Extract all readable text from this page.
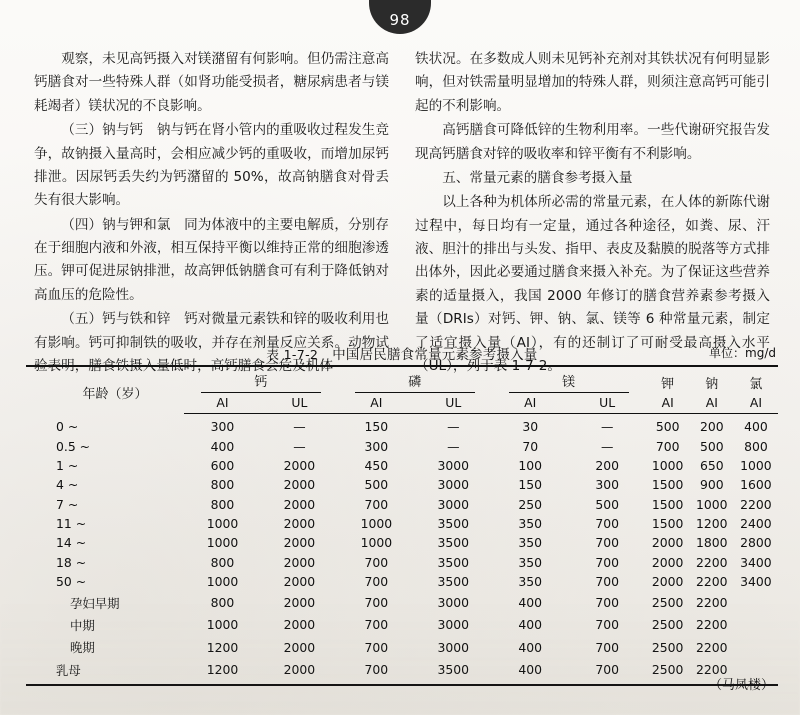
98

观察，未见高钙摄入对镁潴留有何影响。但仍需注意高钙膳食对一些特殊人群（如肾功能受损者，糖尿病患者与镁耗竭者）镁状况的不良影响。

（三）钠与钙　钠与钙在肾小管内的重吸收过程发生竞争，故钠摄入量高时，会相应减少钙的重吸收，而增加尿钙排泄。因尿钙丢失约为钙潴留的 50%，故高钠膳食对骨丢失有很大影响。

（四）钠与钾和氯　同为体液中的主要电解质，分别存在于细胞内液和外液，相互保持平衡以维持正常的细胞渗透压。钾可促进尿钠排泄，故高钾低钠膳食可有利于降低钠对高血压的危险性。

（五）钙与铁和锌　钙对微量元素铁和锌的吸收利用也有影响。钙可抑制铁的吸收，并存在剂量反应关系。动物试验表明，膳食铁摄入量低时，高钙膳食会危及机体

铁状况。在多数成人则未见钙补充剂对其铁状况有何明显影响，但对铁需量明显增加的特殊人群，则须注意高钙可能引起的不利影响。

高钙膳食可降低锌的生物利用率。一些代谢研究报告发现高钙膳食对锌的吸收率和锌平衡有不利影响。

五、常量元素的膳食参考摄入量

以上各种为机体所必需的常量元素，在人体的新陈代谢过程中，每日均有一定量，通过各种途径，如粪、尿、汗液、胆汁的排出与头发、指甲、表皮及黏膜的脱落等方式排出体外，因此必要通过膳食来摄入补充。为了保证这些营养素的适量摄入，我国 2000 年修订的膳食营养素参考摄入量（DRIs）对钙、钾、钠、氯、镁等 6 种常量元素，制定了适宜摄入量（AI），有的还制订了可耐受最高摄入水平（UL），列于表 1-7-2。

表 1-7-2 中国居民膳食常量元素参考摄入量	单位：mg/d
年龄（岁）	钙		磷		镁		钾	钠	氯
	AI	UL	AI	UL	AI	UL	AI	AI	AI
0 ~	300	—	150	—	30	—	500	200	400
0.5 ~	400	—	300	—	70	—	700	500	800
1 ~	600	2000	450	3000	100	200	1000	650	1000
4 ~	800	2000	500	3000	150	300	1500	900	1600
7 ~	800	2000	700	3000	250	500	1500	1000	2200
11 ~	1000	2000	1000	3500	350	700	1500	1200	2400
14 ~	1000	2000	1000	3500	350	700	2000	1800	2800
18 ~	800	2000	700	3500	350	700	2000	2200	3400
50 ~	1000	2000	700	3500	350	700	2000	2200	3400
孕妇早期	800	2000	700	3000	400	700	2500	2200	
中期	1000	2000	700	3000	400	700	2500	2200	
晚期	1200	2000	700	3000	400	700	2500	2200	
乳母	1200	2000	700	3500	400	700	2500	2200	
（马凤楼）
